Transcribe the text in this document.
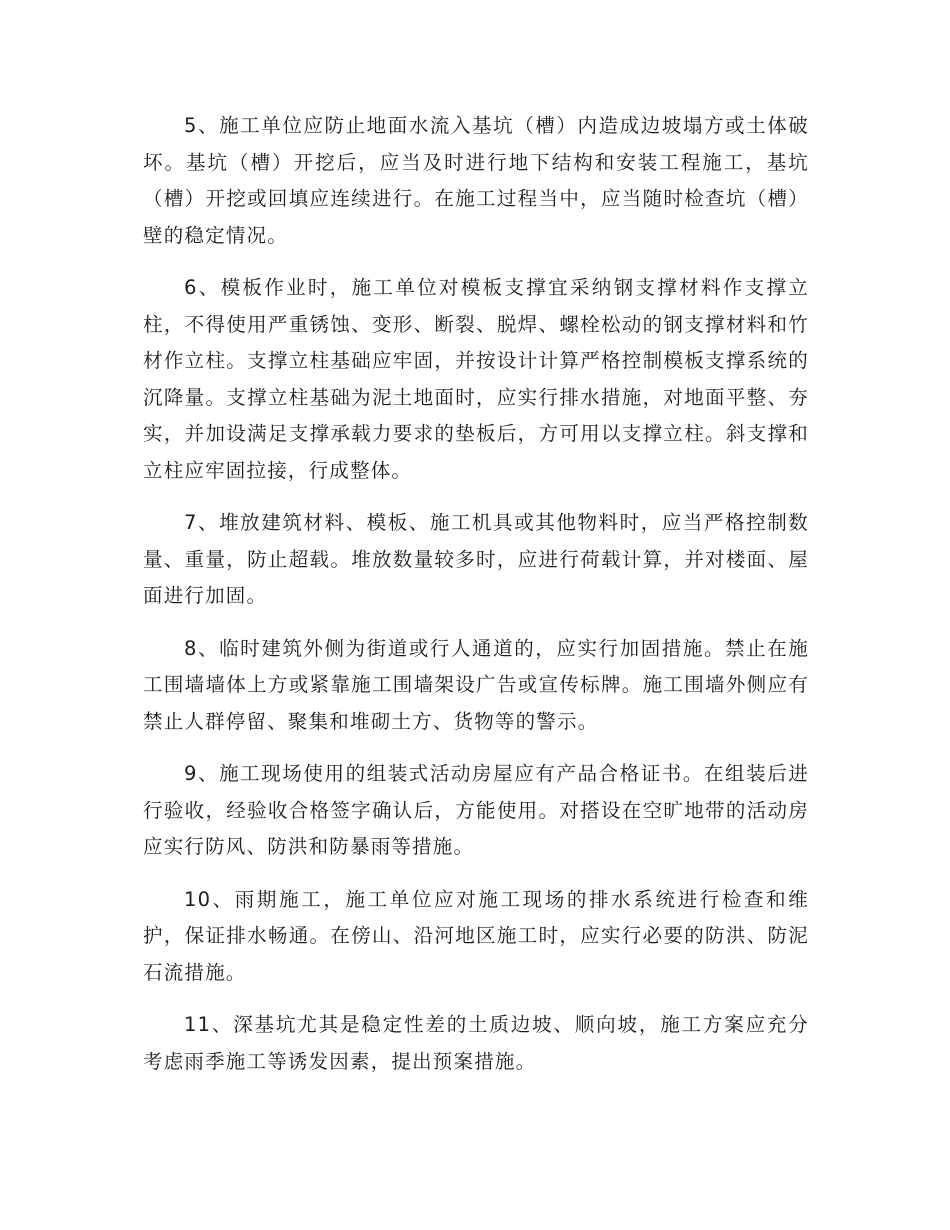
5、施工单位应防止地面水流入基坑（槽）内造成边坡塌方或土体破坏。基坑（槽）开挖后，应当及时进行地下结构和安装工程施工，基坑（槽）开挖或回填应连续进行。在施工过程当中，应当随时检查坑（槽）壁的稳定情况。

6、模板作业时，施工单位对模板支撑宜采纳钢支撑材料作支撑立柱，不得使用严重锈蚀、变形、断裂、脱焊、螺栓松动的钢支撑材料和竹材作立柱。支撑立柱基础应牢固，并按设计计算严格控制模板支撑系统的沉降量。支撑立柱基础为泥土地面时，应实行排水措施，对地面平整、夯实，并加设满足支撑承载力要求的垫板后，方可用以支撑立柱。斜支撑和立柱应牢固拉接，行成整体。

7、堆放建筑材料、模板、施工机具或其他物料时，应当严格控制数量、重量，防止超载。堆放数量较多时，应进行荷载计算，并对楼面、屋面进行加固。

8、临时建筑外侧为街道或行人通道的，应实行加固措施。禁止在施工围墙墙体上方或紧靠施工围墙架设广告或宣传标牌。施工围墙外侧应有禁止人群停留、聚集和堆砌土方、货物等的警示。

9、施工现场使用的组装式活动房屋应有产品合格证书。在组装后进行验收，经验收合格签字确认后，方能使用。对搭设在空旷地带的活动房应实行防风、防洪和防暴雨等措施。

10、雨期施工，施工单位应对施工现场的排水系统进行检查和维护，保证排水畅通。在傍山、沿河地区施工时，应实行必要的防洪、防泥石流措施。

11、深基坑尤其是稳定性差的土质边坡、顺向坡，施工方案应充分考虑雨季施工等诱发因素，提出预案措施。
